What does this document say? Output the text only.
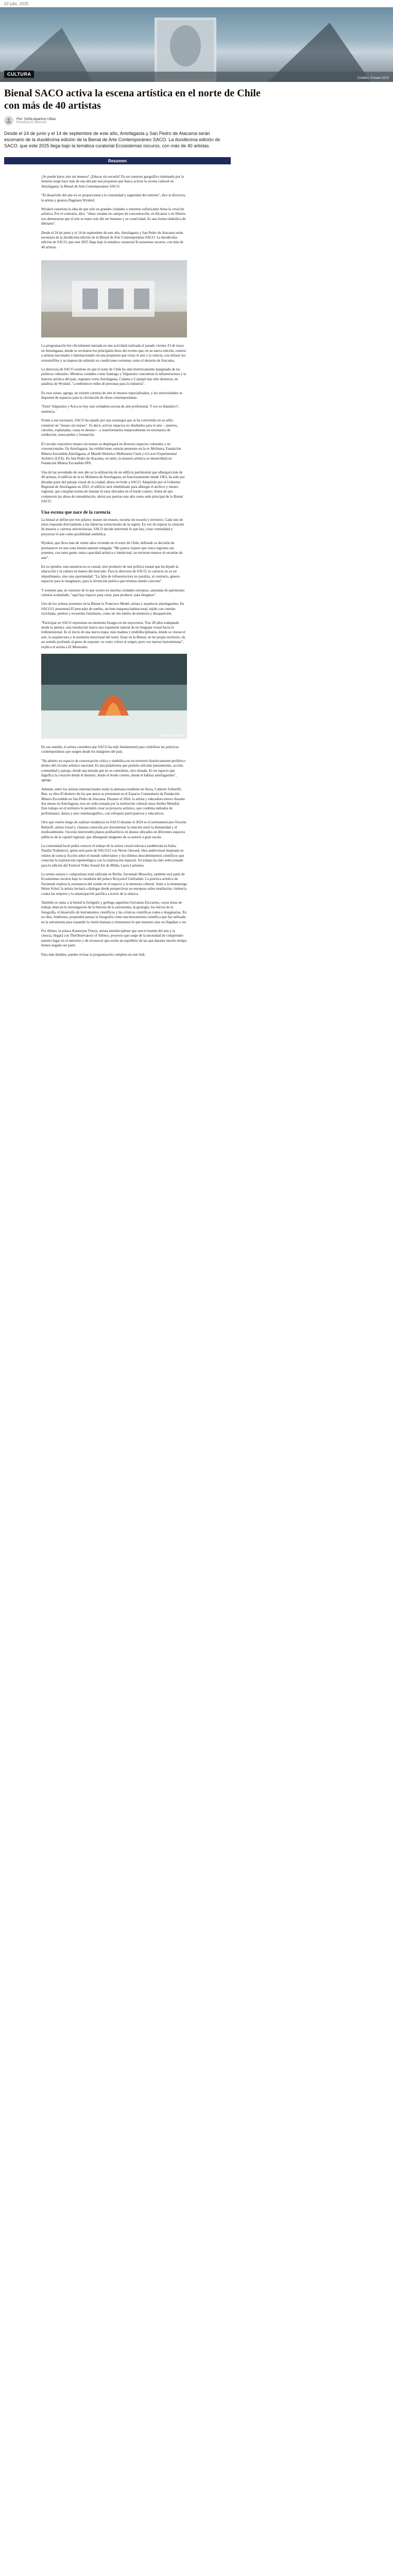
02 julio, 2025
CULTURA
Créditos: Pasado 2023
Bienal SACO activa la escena artística en el norte de Chile con más de 40 artistas
Por: Sofía Aparicio Ulloa
Periodista El Mercurio

Desde el 24 de junio y el 14 de septiembre de este año, Antofagasta y San Pedro de Atacama serán escenario de la duodécima edición de la Bienal de Arte Contemporáneo SACO. La duodécima edición de SACO, que este 2025 llega bajo la temática curatorial Ecosistemas oscuros, con más de 40 artistas.

Resumen

¿Se puede hacer arte sin museos? ¿Educar sin escuela? En un contexto geográfico dominado por la minería surge hace más de una década una propuesta que busca activar la escena cultural en Antofagasta: la Bienal de Arte Contemporáneo SACO.

"El desarrollo del arte no es proporcional a la comunidad y seguridad del entorno", dice la directora, la artista y gestora Dagmara Wyskiel.

Wyskiel cuestiona la idea de que solo en grandes ciudades o entornos sofisticados brota la creación artística. Por el contrario, dice, "obras creadas en campos de concentración, en Alcatraz o en Siberia nos demuestran que el arte se nutre solo del ser humano y su creatividad. Es una forma simbólica de liberarse".

Desde el 24 de junio y el 14 de septiembre de este año, Antofagasta y San Pedro de Atacama serán escenario de la duodécima edición de la Bienal de Arte Contemporáneo SACO. La duodécima edición de SACO, que este 2025 llega bajo la temática curatorial Ecosistemas oscuros, con más de 40 artistas.

La programación fue oficialmente lanzada en una actividad realizada el pasado viernes 23 de mayo en Antofagasta, donde se revelaron los principales hitos del evento que, en su nueva edición, reunirá a artistas nacionales e internacionales en una propuesta que cruza el arte y la ciencia, con énfasis los extremófilos y su manera de subsistir en condiciones extremas como el desierto de Atacama.

La directora de SACO sostiene en qué el norte de Chile ha sido históricamente marginado de las políticas culturales. Mientras ciudades como Santiago y Valparaíso concentran la infraestructura y la historia artística del país, regiones como Antofagasta, Calama o Copiapó han sido desiertos, en palabras de Wyskiel, "a embrutecer miles de personas para la industria".

En esas zonas, agrega, no existen carreras de arte ni museos especializados, y las universidades se disponen de espacios para la circulación de obras contemporáneas.

"Entre Valparaíso y Arica no hay una verdadera escena de arte profesional. Y eso es dramático", sentencia.

Frente a ese escenario, SACO ha optado por una estrategia que se ha convertido en su sello: construir un "museo sin museo". Es decir, activar espacios no diseñados para el arte —puertos, cárceles, explanadas, casas en desuso— y transformarlos temporalmente en escenarios de exhibición, intercambio y formación.

El circuito expositivo museo sin museo se desplegará en diversos espacios culturales y no convencionales. En Antofagasta, las exhibiciones estarán presentes en la ex Molinera, Fundación Minera Escondida Antofagasta, el Muelle Histórico Melbourne Clark y el Liceo Experimental Artístico (LEA). En San Pedro de Atacama, en tanto, la muestra artística se desarrollará en Fundación Minera Escondida SPA.

Una de las novedades de este año es la utilización de un edificio patrimonial que albergará más de 40 artistas, el edificio de la ex Molinera de Antofagasta, en funcionamiento desde 1963, ha sido por décadas parte del paisaje visual de la ciudad, ahora revivido a SACO. Adquirido por el Gobierno Regional de Antofagasta en 2022, el edificio será rehabilitado para albergar el archivo y museo regional, que cumplan treinta de instalar el estar ubicados en el borde costero. Antes de que comiencen las obras de remodelación, abrirá sus puertas este año como sede principal de la Bienal SACO.

Una escena que nace de la carencia

La bienal se define por tres pilares: museo sin museo, escuela sin escuela y territorio. Cada uno de estos responde directamente a las falencias estructurales de la región. En vez de esperar la creación de museos o carreras universitarias, SACO decide intervenir lo que hay, crear comunidad y proyectar el arte como posibilidad simbólica.

Wyskiel, que lleva más de veinte años viviendo en el norte de Chile, defiende su decisión de permanecer en una zona históricamente relegada: "Me parece injusto que cinco regiones sus potentes, con tanta gente, tanta capacidad artística e intelectual, no tuvieran museos ni escuelas de arte".

En su opinión, esta ausencia no es casual, sino producto de una política estatal que ha dejado la educación y la cultura en manos del mercado. Para la directora de SACO, la carencia no es un impedimento, sino una oportunidad: "La falta de infraestructura no paraliza, al contrario, genera espacios para lo imaginario, para la invención poética que termina siendo concreta".

Y sostiene que, al contrario de lo que ocurre en muchas ciudades europeas, saturadas de patrimonio cultural acumulado, "aquí hay espacio para crear, para producir, para imaginar".

Uno de los artistas presentes en la Bienal es Francisco Medel, artista y arquitecto antofagastino. En SACO12 presentará El pescador de sueños, un bote-maqueta habitacional, tejido con cuerdas recicladas, piedras y recuerdos familiares, como un rito íntimo de memoria y desaparición.

"Participar en SACO representa un momento bisagra en mi trayectoria. Tras 28 años trabajando desde la pintura, esta instalación marca una expansión natural de mi lenguaje visual hacia lo tridimensional. Es el inicio de una nueva etapa, más madura y multidisciplinaria, donde se cruzan el arte, la arquitectura y la memoria emocional del norte. Estar en la Bienal, en mi propio territorio, da un sentido profundo al gesto de exponer: es como volver al origen, pero con nuevas herramientas", explica el artista a El Mostrador.

Créditos: Pasado 2023

En ese sentido, el artista considera que SACO ha sido fundamental para visibilizar las prácticas contemporáneas que surgen desde los márgenes del país.

"Ha abierto un espacio de conversación crítica y simbólica en un territorio históricamente periférico dentro del circuito artístico nacional. Es una plataforma que permite articular pensamiento, acción, comunidad y paisaje, desde una mirada que no es centralista, sino situada. Es un espacio que dignifica la creación desde el desierto, desde el borde costero, desde el habitar antofagastino", agrega.

Además, entre los artistas internacionales están la alemana residente en Suiza, Catherie Schlaefli; Ben, su obra El desierto de los que ansos se presentará en el Espacio Comunitario de Fundación Minera Escondida en San Pedro de Atacama. Durante el 2024, la artista y educadora estuvo durante dos meses en Antofagasta, tras ser seleccionada por la institución cultural suiza Atelier Mondial. Este trabajo en el territorio le permitió crear su proyecto artístico, que combina métodos de performance, danza y arte cinematográfico, con enfoques participativos y educativos.

Otro que vuelve luego de realizar residencia en SACO durante el 2024 es el norteamericano Osceola Refetoff, artista visual y cineasta conocido por documentar la relación entre la humanidad y el medioambiente. Osceola intervendrá planos polifacéticos en desuso ubicados en diferentes espacios públicos de la capital regional, que albergarán imágenes de su autoría a gran escala.

La comunidad local podrá conocer el trabajo de la artista visual eslovaca establecida en Italia, Natália Trejbalová, quien será parte de SACO12 con Never Onward, obra audiovisual inspirada en relatos de ciencia ficción sobre el mundo subterráneo y los últimos descubrimientos científicos que conectan la exploración espeleológica con la exploración espacial. Su trabajo ha sido seleccionado para la edición del Festival Video Sound Art de Milán, Laura Lamonea.

La artista sonora y compositora inuit radicada en Berlín, Savennah Mossofey, también será parte de Ecosistemas oscuros bajo la curaduría del polaco Krzysztof Gutfrański. La práctica artística de Savennah explora la resonancia del sonido en el espacio y la memoria cultural. Junto a la dramaturga Helen Schol, la artista invitará a dialogar desde perspectivas no-europeas sobre mutilación, violencia contra las mujeres y la emancipación pacífica a través de la música.

También se suma a la bienal la fotógrafa y geóloga argentina Giovanna Zuccarino, cuyas áreas de trabajo abarcan la investigación de la historia de la astronomía, la geología, los inicios de la fotografía, el desarrollo de instrumentos científicos y las crónicas científicas reales e imaginarias. En su obra, Ambrotos, propondrá pensar la fotografía como una herramienta científica que fue utilizada en la astronomía para expandir la visión humana y mostrarnos lo que nuestros ojos no llegaban a ver.

Por último, la polaca Katarzyna Tretyn, artista interdisciplinar que une el mundo del arte y la ciencia, llegará con TheObservatory of Silence, proyecto que surge de la necesidad de comprender nuestro lugar en el universo y de reconocer que existe un equilibrio de las que durante mucho tiempo hemos negado ser parte.

Para más detalles, puedes revisar la programación completa en este link.
